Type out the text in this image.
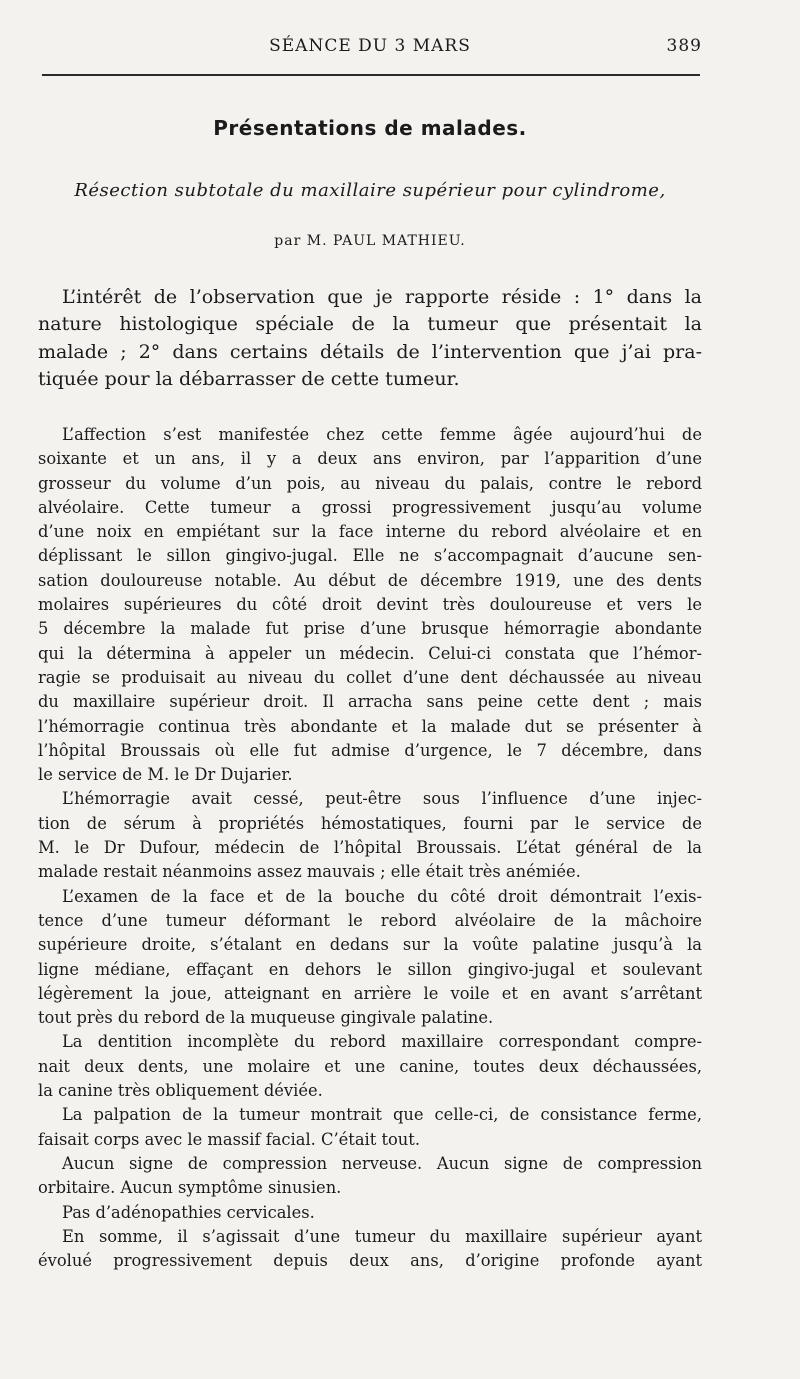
SÉANCE DU 3 MARS	389
Présentations de malades.
Résection subtotale du maxillaire supérieur pour cylindrome,
par M. PAUL MATHIEU.

L’intérêt de l’observation que je rapporte réside : 1° dans la
nature histologique spéciale de la tumeur que présentait la
malade ; 2° dans certains détails de l’intervention que j’ai pra-
tiquée pour la débarrasser de cette tumeur.

L’affection s’est manifestée chez cette femme âgée aujourd’hui de
soixante et un ans, il y a deux ans environ, par l’apparition d’une
grosseur du volume d’un pois, au niveau du palais, contre le rebord
alvéolaire. Cette tumeur a grossi progressivement jusqu’au volume
d’une noix en empiétant sur la face interne du rebord alvéolaire et en
déplissant le sillon gingivo-jugal. Elle ne s’accompagnait d’aucune sen-
sation douloureuse notable. Au début de décembre 1919, une des dents
molaires supérieures du côté droit devint très douloureuse et vers le
5 décembre la malade fut prise d’une brusque hémorragie abondante
qui la détermina à appeler un médecin. Celui-ci constata que l’hémor-
ragie se produisait au niveau du collet d’une dent déchaussée au niveau
du maxillaire supérieur droit. Il arracha sans peine cette dent ; mais
l’hémorragie continua très abondante et la malade dut se présenter à
l’hôpital Broussais où elle fut admise d’urgence, le 7 décembre, dans
le service de M. le Dr Dujarier.

L’hémorragie avait cessé, peut-être sous l’influence d’une injec-
tion de sérum à propriétés hémostatiques, fourni par le service de
M. le Dr Dufour, médecin de l’hôpital Broussais. L’état général de la
malade restait néanmoins assez mauvais ; elle était très anémiée.

L’examen de la face et de la bouche du côté droit démontrait l’exis-
tence d’une tumeur déformant le rebord alvéolaire de la mâchoire
supérieure droite, s’étalant en dedans sur la voûte palatine jusqu’à la
ligne médiane, effaçant en dehors le sillon gingivo-jugal et soulevant
légèrement la joue, atteignant en arrière le voile et en avant s’arrêtant
tout près du rebord de la muqueuse gingivale palatine.

La dentition incomplète du rebord maxillaire correspondant compre-
nait deux dents, une molaire et une canine, toutes deux déchaussées,
la canine très obliquement déviée.

La palpation de la tumeur montrait que celle-ci, de consistance ferme,
faisait corps avec le massif facial. C’était tout.

Aucun signe de compression nerveuse. Aucun signe de compression
orbitaire. Aucun symptôme sinusien.

Pas d’adénopathies cervicales.

En somme, il s’agissait d’une tumeur du maxillaire supérieur ayant
évolué progressivement depuis deux ans, d’origine profonde ayant
